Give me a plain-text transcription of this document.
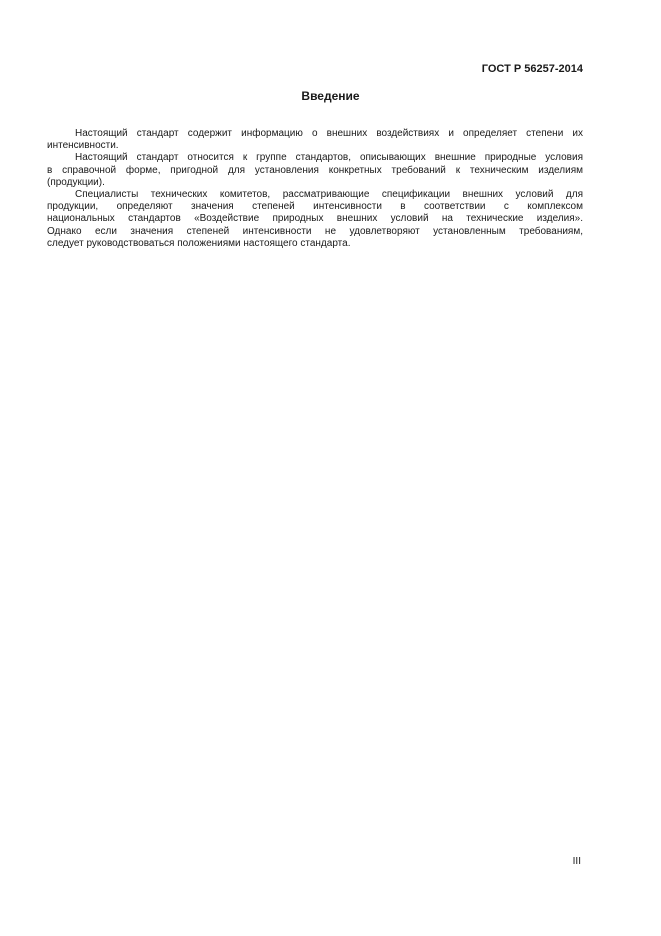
ГОСТ Р 56257-2014
Введение
Настоящий стандарт содержит информацию о внешних воздействиях и определяет степени их
интенсивности.
Настоящий стандарт относится к группе стандартов, описывающих внешние природные условия
в справочной форме, пригодной для установления конкретных требований к техническим изделиям
(продукции).
Специалисты технических комитетов, рассматривающие спецификации внешних условий для
продукции, определяют значения степеней интенсивности в соответствии с комплексом
национальных стандартов «Воздействие природных внешних условий на технические изделия».
Однако если значения степеней интенсивности не удовлетворяют установленным требованиям,
следует руководствоваться положениями настоящего стандарта.
III
